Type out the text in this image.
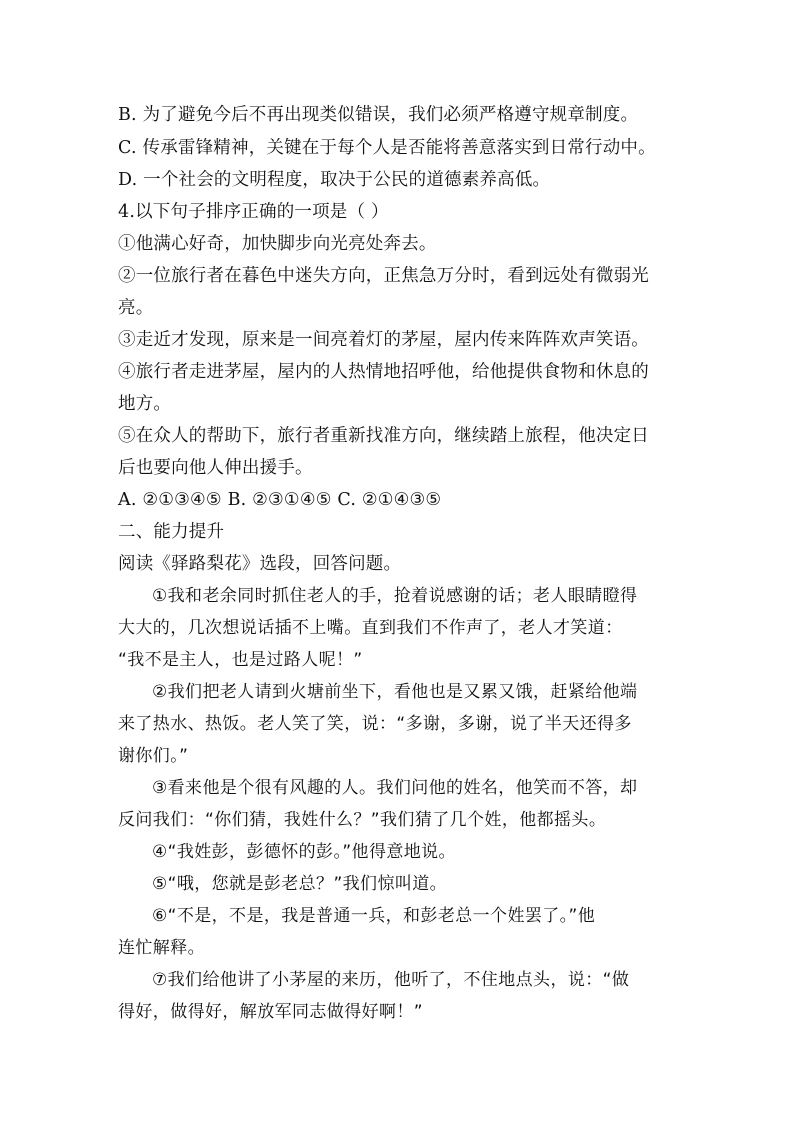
B. 为了避免今后不再出现类似错误，我们必须严格遵守规章制度。
C. 传承雷锋精神，关键在于每个人是否能将善意落实到日常行动中。
D. 一个社会的文明程度，取决于公民的道德素养高低。
4.以下句子排序正确的一项是（ ）
①他满心好奇，加快脚步向光亮处奔去。
②一位旅行者在暮色中迷失方向，正焦急万分时，看到远处有微弱光
亮。
③走近才发现，原来是一间亮着灯的茅屋，屋内传来阵阵欢声笑语。
④旅行者走进茅屋，屋内的人热情地招呼他，给他提供食物和休息的
地方。
⑤在众人的帮助下，旅行者重新找准方向，继续踏上旅程，他决定日
后也要向他人伸出援手。
A. ②①③④⑤ B. ②③①④⑤ C. ②①④③⑤
二、能力提升
阅读《驿路梨花》选段，回答问题。
①我和老余同时抓住老人的手，抢着说感谢的话；老人眼睛瞪得
大大的，几次想说话插不上嘴。直到我们不作声了，老人才笑道：
“我不是主人，也是过路人呢！”
②我们把老人请到火塘前坐下，看他也是又累又饿，赶紧给他端
来了热水、热饭。老人笑了笑，说：“多谢，多谢，说了半天还得多
谢你们。”
③看来他是个很有风趣的人。我们问他的姓名，他笑而不答，却
反问我们：“你们猜，我姓什么？”我们猜了几个姓，他都摇头。
④“我姓彭，彭德怀的彭。”他得意地说。
⑤“哦，您就是彭老总？”我们惊叫道。
⑥“不是，不是，我是普通一兵，和彭老总一个姓罢了。”他
连忙解释。
⑦我们给他讲了小茅屋的来历，他听了，不住地点头，说：“做
得好，做得好，解放军同志做得好啊！”
